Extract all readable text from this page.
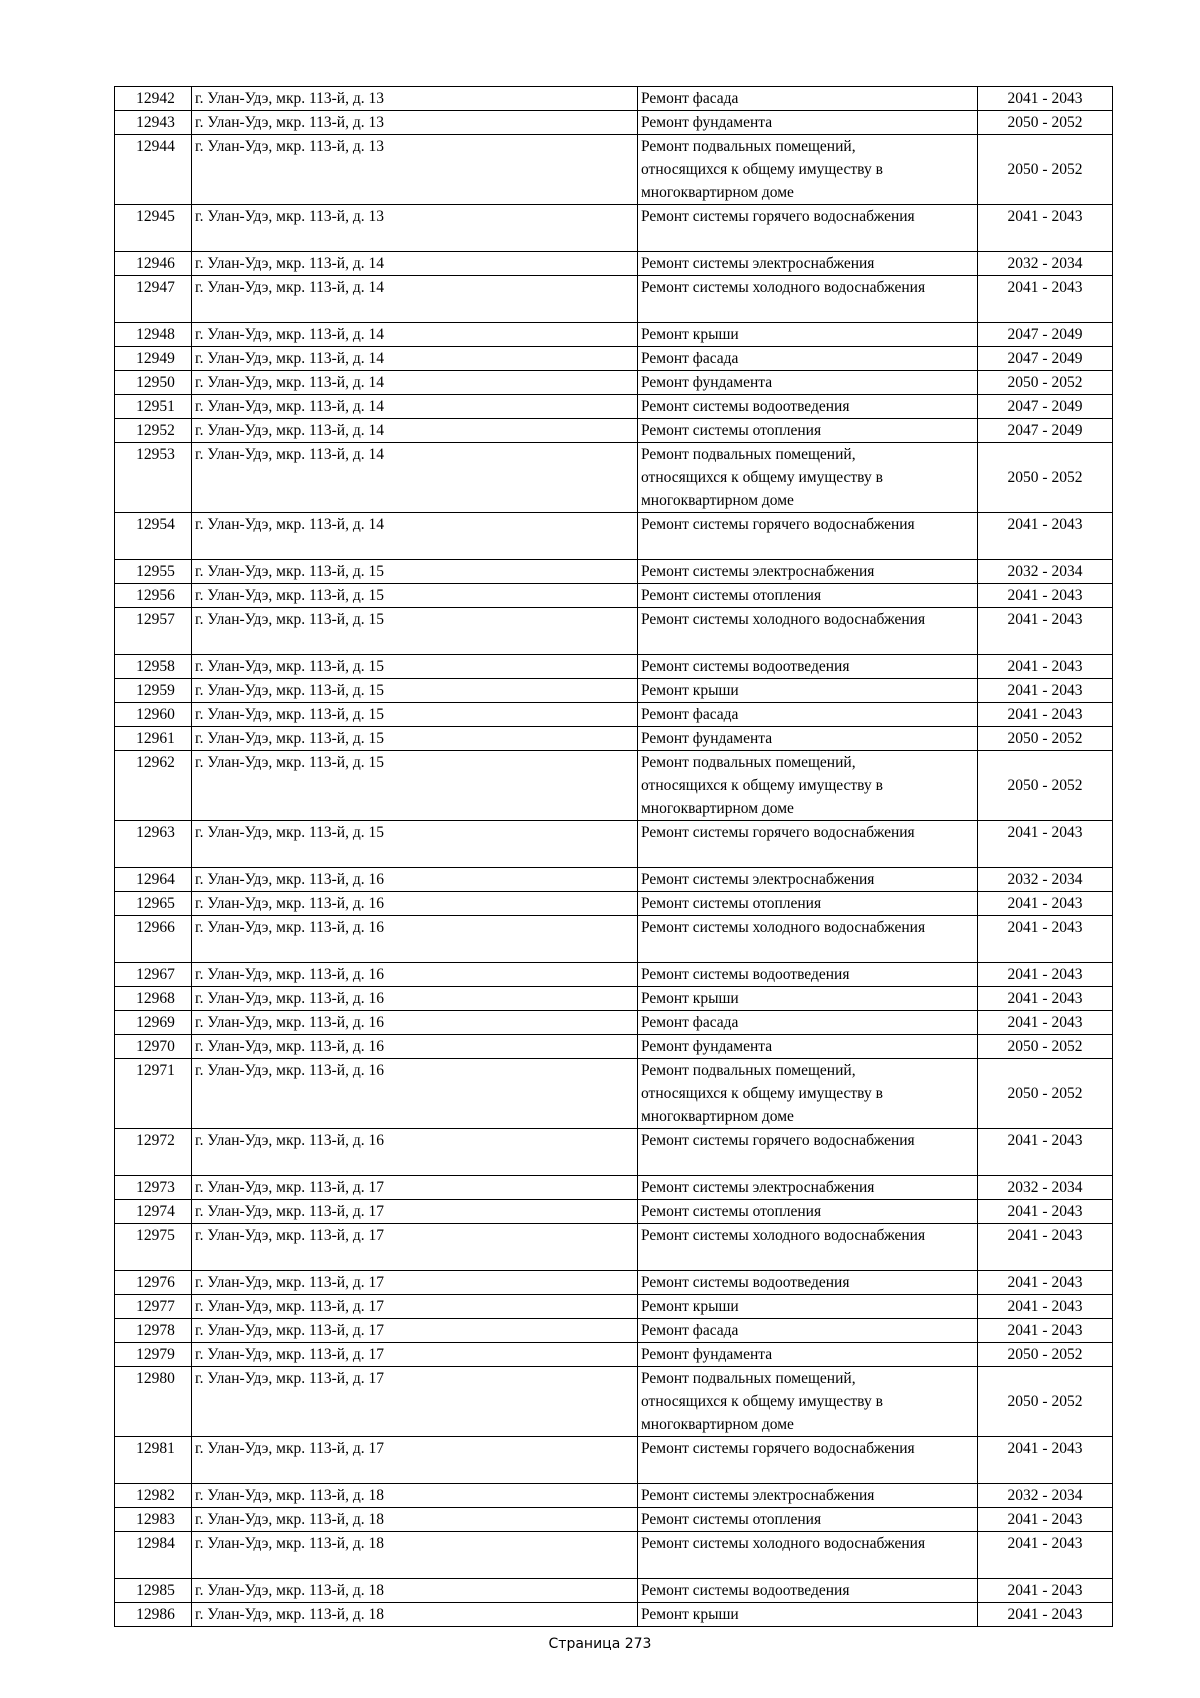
12942	г. Улан-Удэ, мкр. 113-й, д. 13	Ремонт фасада	2041 - 2043
12943	г. Улан-Удэ, мкр. 113-й, д. 13	Ремонт фундамента	2050 - 2052
12944	г. Улан-Удэ, мкр. 113-й, д. 13	Ремонт подвальных помещений,
относящихся к общему имуществу в
многоквартирном доме	2050 - 2052
12945	г. Улан-Удэ, мкр. 113-й, д. 13	Ремонт системы горячего водоснабжения	2041 - 2043
12946	г. Улан-Удэ, мкр. 113-й, д. 14	Ремонт системы электроснабжения	2032 - 2034
12947	г. Улан-Удэ, мкр. 113-й, д. 14	Ремонт системы холодного водоснабжения	2041 - 2043
12948	г. Улан-Удэ, мкр. 113-й, д. 14	Ремонт крыши	2047 - 2049
12949	г. Улан-Удэ, мкр. 113-й, д. 14	Ремонт фасада	2047 - 2049
12950	г. Улан-Удэ, мкр. 113-й, д. 14	Ремонт фундамента	2050 - 2052
12951	г. Улан-Удэ, мкр. 113-й, д. 14	Ремонт системы водоотведения	2047 - 2049
12952	г. Улан-Удэ, мкр. 113-й, д. 14	Ремонт системы отопления	2047 - 2049
12953	г. Улан-Удэ, мкр. 113-й, д. 14	Ремонт подвальных помещений,
относящихся к общему имуществу в
многоквартирном доме	2050 - 2052
12954	г. Улан-Удэ, мкр. 113-й, д. 14	Ремонт системы горячего водоснабжения	2041 - 2043
12955	г. Улан-Удэ, мкр. 113-й, д. 15	Ремонт системы электроснабжения	2032 - 2034
12956	г. Улан-Удэ, мкр. 113-й, д. 15	Ремонт системы отопления	2041 - 2043
12957	г. Улан-Удэ, мкр. 113-й, д. 15	Ремонт системы холодного водоснабжения	2041 - 2043
12958	г. Улан-Удэ, мкр. 113-й, д. 15	Ремонт системы водоотведения	2041 - 2043
12959	г. Улан-Удэ, мкр. 113-й, д. 15	Ремонт крыши	2041 - 2043
12960	г. Улан-Удэ, мкр. 113-й, д. 15	Ремонт фасада	2041 - 2043
12961	г. Улан-Удэ, мкр. 113-й, д. 15	Ремонт фундамента	2050 - 2052
12962	г. Улан-Удэ, мкр. 113-й, д. 15	Ремонт подвальных помещений,
относящихся к общему имуществу в
многоквартирном доме	2050 - 2052
12963	г. Улан-Удэ, мкр. 113-й, д. 15	Ремонт системы горячего водоснабжения	2041 - 2043
12964	г. Улан-Удэ, мкр. 113-й, д. 16	Ремонт системы электроснабжения	2032 - 2034
12965	г. Улан-Удэ, мкр. 113-й, д. 16	Ремонт системы отопления	2041 - 2043
12966	г. Улан-Удэ, мкр. 113-й, д. 16	Ремонт системы холодного водоснабжения	2041 - 2043
12967	г. Улан-Удэ, мкр. 113-й, д. 16	Ремонт системы водоотведения	2041 - 2043
12968	г. Улан-Удэ, мкр. 113-й, д. 16	Ремонт крыши	2041 - 2043
12969	г. Улан-Удэ, мкр. 113-й, д. 16	Ремонт фасада	2041 - 2043
12970	г. Улан-Удэ, мкр. 113-й, д. 16	Ремонт фундамента	2050 - 2052
12971	г. Улан-Удэ, мкр. 113-й, д. 16	Ремонт подвальных помещений,
относящихся к общему имуществу в
многоквартирном доме	2050 - 2052
12972	г. Улан-Удэ, мкр. 113-й, д. 16	Ремонт системы горячего водоснабжения	2041 - 2043
12973	г. Улан-Удэ, мкр. 113-й, д. 17	Ремонт системы электроснабжения	2032 - 2034
12974	г. Улан-Удэ, мкр. 113-й, д. 17	Ремонт системы отопления	2041 - 2043
12975	г. Улан-Удэ, мкр. 113-й, д. 17	Ремонт системы холодного водоснабжения	2041 - 2043
12976	г. Улан-Удэ, мкр. 113-й, д. 17	Ремонт системы водоотведения	2041 - 2043
12977	г. Улан-Удэ, мкр. 113-й, д. 17	Ремонт крыши	2041 - 2043
12978	г. Улан-Удэ, мкр. 113-й, д. 17	Ремонт фасада	2041 - 2043
12979	г. Улан-Удэ, мкр. 113-й, д. 17	Ремонт фундамента	2050 - 2052
12980	г. Улан-Удэ, мкр. 113-й, д. 17	Ремонт подвальных помещений,
относящихся к общему имуществу в
многоквартирном доме	2050 - 2052
12981	г. Улан-Удэ, мкр. 113-й, д. 17	Ремонт системы горячего водоснабжения	2041 - 2043
12982	г. Улан-Удэ, мкр. 113-й, д. 18	Ремонт системы электроснабжения	2032 - 2034
12983	г. Улан-Удэ, мкр. 113-й, д. 18	Ремонт системы отопления	2041 - 2043
12984	г. Улан-Удэ, мкр. 113-й, д. 18	Ремонт системы холодного водоснабжения	2041 - 2043
12985	г. Улан-Удэ, мкр. 113-й, д. 18	Ремонт системы водоотведения	2041 - 2043
12986	г. Улан-Удэ, мкр. 113-й, д. 18	Ремонт крыши	2041 - 2043
Страница 273
